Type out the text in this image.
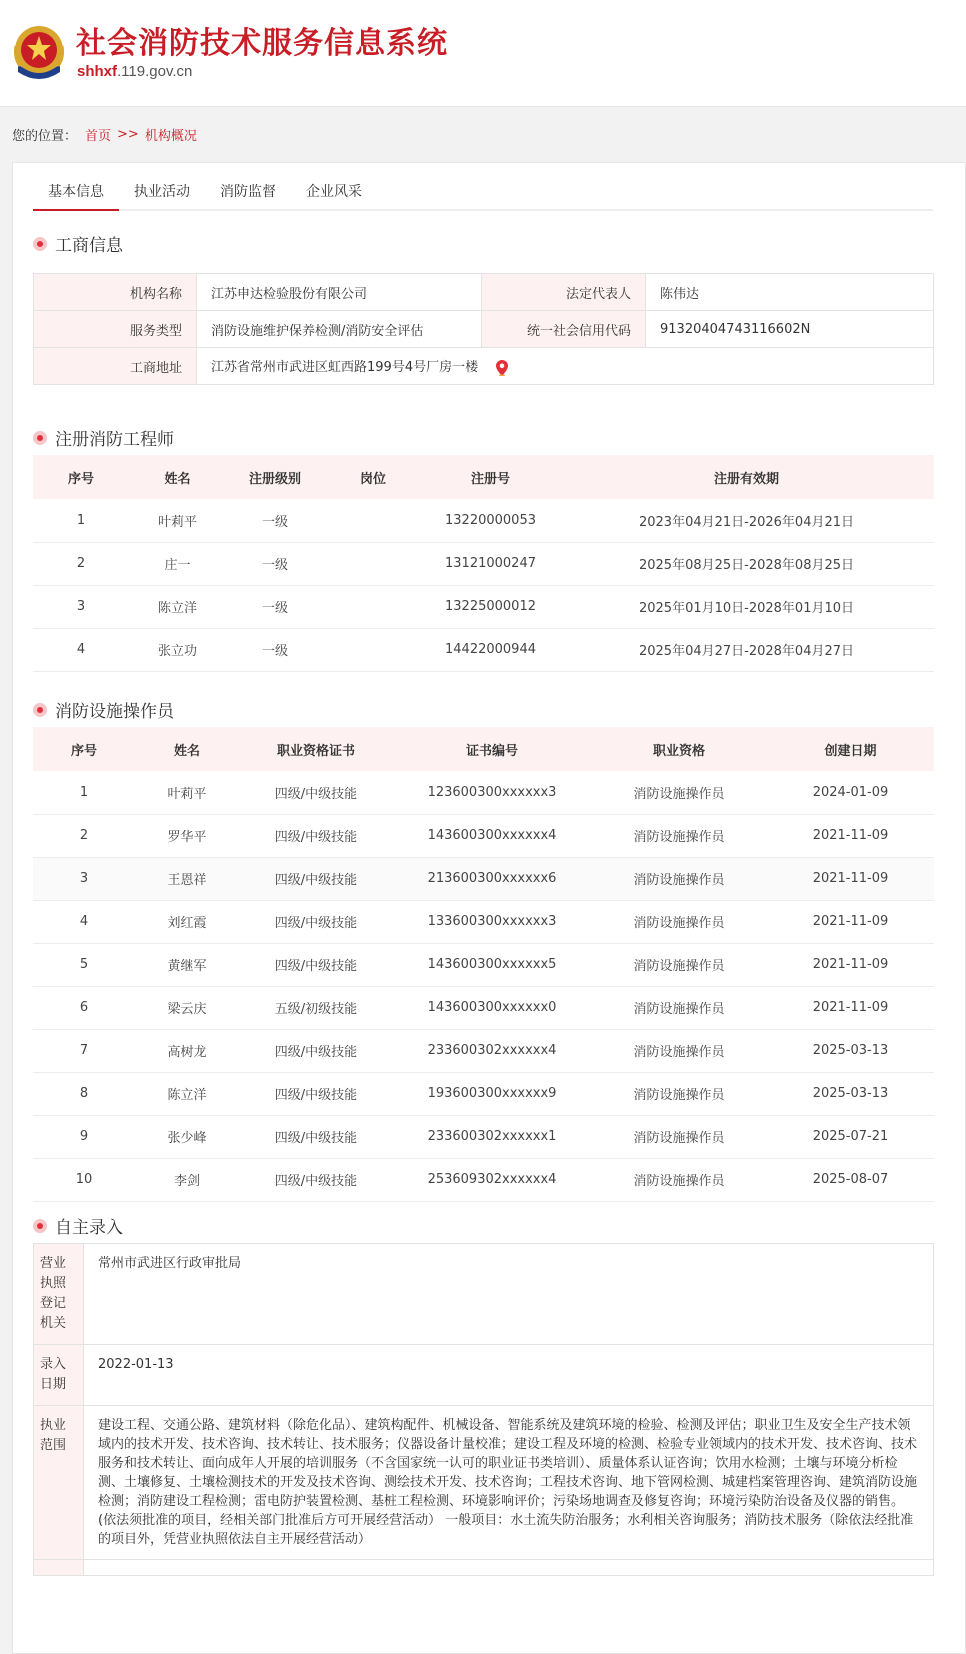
社会消防技术服务信息系统
shhxf.119.gov.cn
您的位置： 首页 >> 机构概况
基本信息	执业活动	消防监督	企业风采
工商信息
机构名称	江苏申达检验股份有限公司	法定代表人	陈伟达
服务类型	消防设施维护保养检测/消防安全评估	统一社会信用代码	91320404743116602N
工商地址	江苏省常州市武进区虹西路199号4号厂房一楼		
注册消防工程师
序号	姓名	注册级别	岗位	注册号	注册有效期
1	叶莉平	一级		13220000053	2023年04月21日-2026年04月21日
2	庄一	一级		13121000247	2025年08月25日-2028年08月25日
3	陈立洋	一级		13225000012	2025年01月10日-2028年01月10日
4	张立功	一级		14422000944	2025年04月27日-2028年04月27日
消防设施操作员
序号	姓名	职业资格证书	证书编号	职业资格	创建日期
1	叶莉平	四级/中级技能	123600300xxxxxx3	消防设施操作员	2024-01-09
2	罗华平	四级/中级技能	143600300xxxxxx4	消防设施操作员	2021-11-09
3	王恩祥	四级/中级技能	213600300xxxxxx6	消防设施操作员	2021-11-09
4	刘红霞	四级/中级技能	133600300xxxxxx3	消防设施操作员	2021-11-09
5	黄继军	四级/中级技能	143600300xxxxxx5	消防设施操作员	2021-11-09
6	梁云庆	五级/初级技能	143600300xxxxxx0	消防设施操作员	2021-11-09
7	高树龙	四级/中级技能	233600302xxxxxx4	消防设施操作员	2025-03-13
8	陈立洋	四级/中级技能	193600300xxxxxx9	消防设施操作员	2025-03-13
9	张少峰	四级/中级技能	233600302xxxxxx1	消防设施操作员	2025-07-21
10	李剑	四级/中级技能	253609302xxxxxx4	消防设施操作员	2025-08-07
自主录入
营业执照登记机关	常州市武进区行政审批局
录入日期	2022-01-13
执业范围	建设工程、交通公路、建筑材料（除危化品）、建筑构配件、机械设备、智能系统及建筑环境的检验、检测及评估；职业卫生及安全生产技术领域内的技术开发、技术咨询、技术转让、技术服务；仪器设备计量校准；建设工程及环境的检测、检验专业领域内的技术开发、技术咨询、技术服务和技术转让、面向成年人开展的培训服务（不含国家统一认可的职业证书类培训）、质量体系认证咨询；饮用水检测；土壤与环境分析检测、土壤修复、土壤检测技术的开发及技术咨询、测绘技术开发、技术咨询；工程技术咨询、地下管网检测、城建档案管理咨询、建筑消防设施检测；消防建设工程检测；雷电防护装置检测、基桩工程检测、环境影响评价；污染场地调查及修复咨询；环境污染防治设备及仪器的销售。(依法须批准的项目，经相关部门批准后方可开展经营活动） 一般项目：水土流失防治服务；水利相关咨询服务；消防技术服务（除依法经批准的项目外，凭营业执照依法自主开展经营活动）
